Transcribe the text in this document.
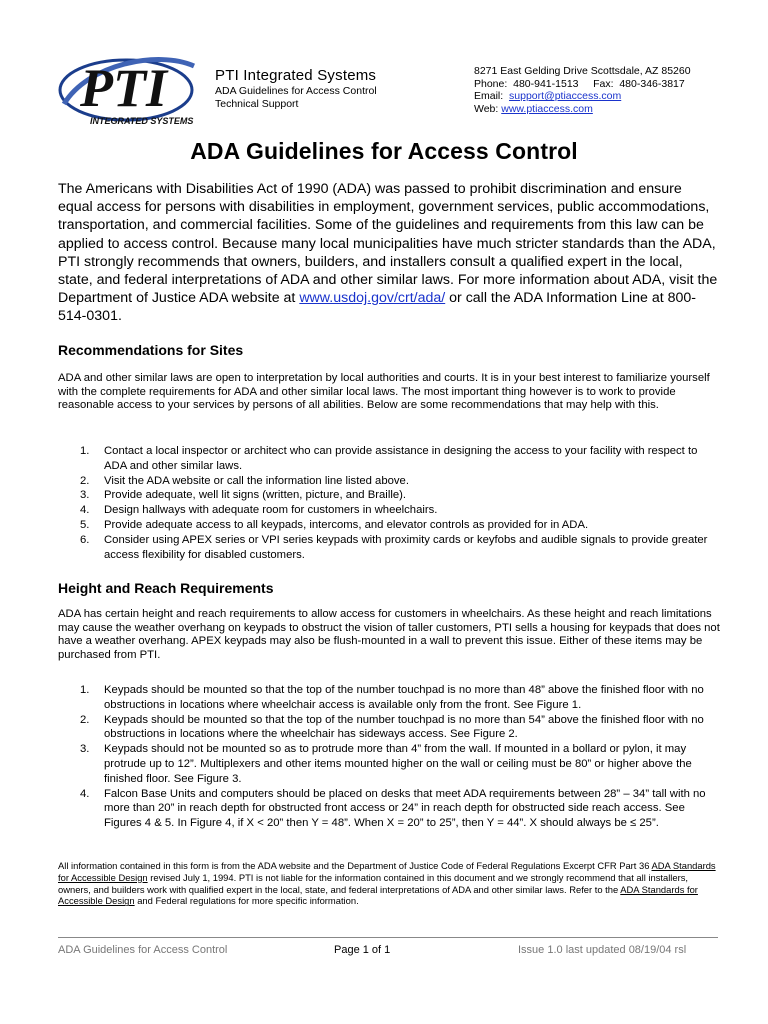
PTI
INTEGRATED SYSTEMS
PTI Integrated Systems
ADA Guidelines for Access Control
Technical Support
8271 East Gelding Drive Scottsdale, AZ 85260
Phone:  480-941-1513     Fax:  480-346-3817
Email:  support@ptiaccess.com
Web: www.ptiaccess.com
ADA Guidelines for Access Control

The Americans with Disabilities Act of 1990 (ADA) was passed to prohibit discrimination and ensure equal access for persons with disabilities in employment, government services, public accommodations, transportation, and commercial facilities. Some of the guidelines and requirements from this law can be applied to access control. Because many local municipalities have much stricter standards than the ADA, PTI strongly recommends that owners, builders, and installers consult a qualified expert in the local, state, and federal interpretations of ADA and other similar laws. For more information about ADA, visit the Department of Justice ADA website at www.usdoj.gov/crt/ada/ or call the ADA Information Line at 800-514-0301.

Recommendations for Sites

ADA and other similar laws are open to interpretation by local authorities and courts. It is in your best interest to familiarize yourself with the complete requirements for ADA and other similar local laws. The most important thing however is to work to provide reasonable access to your services by persons of all abilities. Below are some recommendations that may help with this.

1. Contact a local inspector or architect who can provide assistance in designing the access to your facility with respect to ADA and other similar laws.
2. Visit the ADA website or call the information line listed above.
3. Provide adequate, well lit signs (written, picture, and Braille).
4. Design hallways with adequate room for customers in wheelchairs.
5. Provide adequate access to all keypads, intercoms, and elevator controls as provided for in ADA.
6. Consider using APEX series or VPI series keypads with proximity cards or keyfobs and audible signals to provide greater access flexibility for disabled customers.
Height and Reach Requirements

ADA has certain height and reach requirements to allow access for customers in wheelchairs. As these height and reach limitations may cause the weather overhang on keypads to obstruct the vision of taller customers, PTI sells a housing for keypads that does not have a weather overhang. APEX keypads may also be flush-mounted in a wall to prevent this issue. Either of these items may be purchased from PTI.

1. Keypads should be mounted so that the top of the number touchpad is no more than 48” above the finished floor with no obstructions in locations where wheelchair access is available only from the front. See Figure 1.
2. Keypads should be mounted so that the top of the number touchpad is no more than 54” above the finished floor with no obstructions in locations where the wheelchair has sideways access. See Figure 2.
3. Keypads should not be mounted so as to protrude more than 4” from the wall. If mounted in a bollard or pylon, it may protrude up to 12”. Multiplexers and other items mounted higher on the wall or ceiling must be 80” or higher above the finished floor. See Figure 3.
4. Falcon Base Units and computers should be placed on desks that meet ADA requirements between 28” – 34” tall with no more than 20” in reach depth for obstructed front access or 24” in reach depth for obstructed side reach access. See Figures 4 & 5. In Figure 4, if X < 20” then Y = 48”. When X = 20” to 25”, then Y = 44”. X should always be ≤ 25”.

All information contained in this form is from the ADA website and the Department of Justice Code of Federal Regulations Excerpt CFR Part 36 ADA Standards for Accessible Design revised July 1, 1994. PTI is not liable for the information contained in this document and we strongly recommend that all installers, owners, and builders work with qualified expert in the local, state, and federal interpretations of ADA and other similar laws. Refer to the ADA Standards for Accessible Design and Federal regulations for more specific information.

ADA Guidelines for Access Control	Page 1 of 1	Issue 1.0 last updated 08/19/04 rsl
